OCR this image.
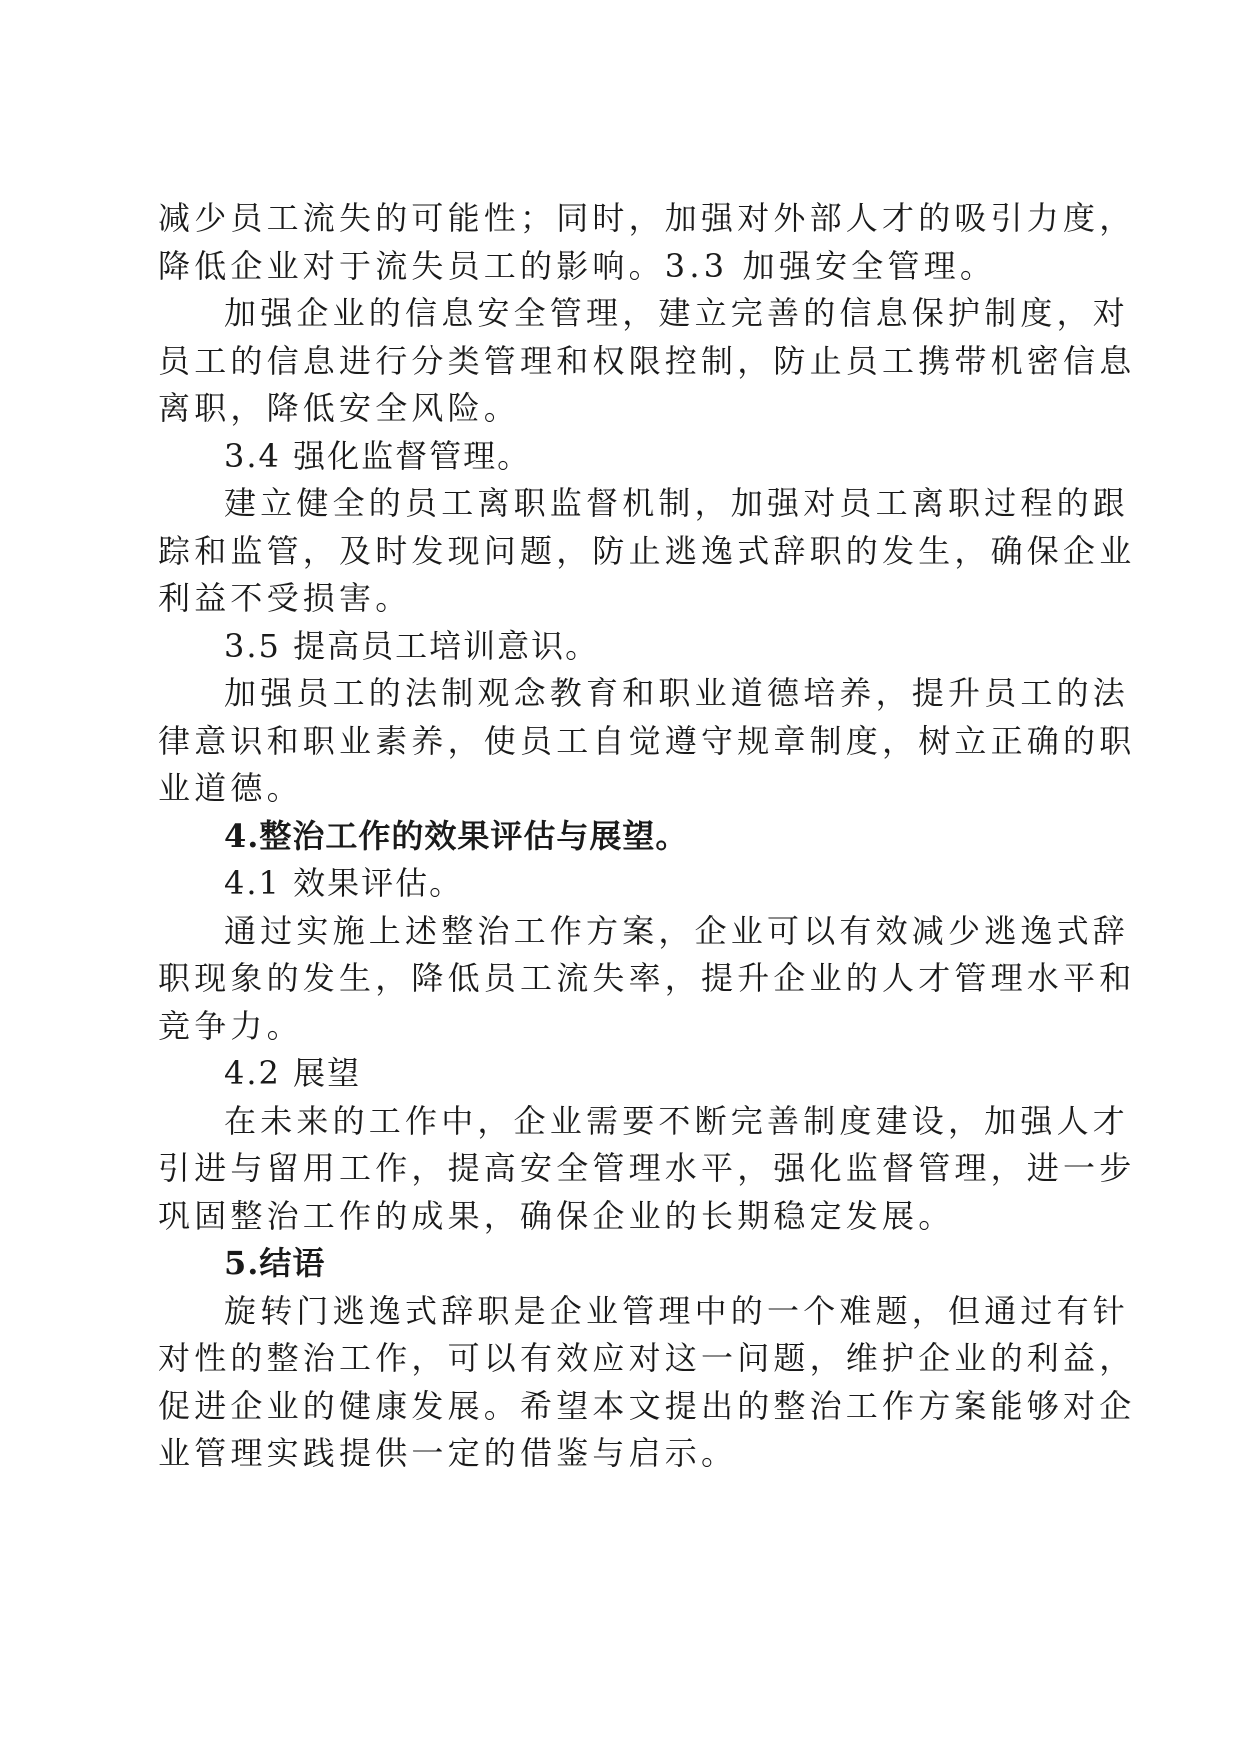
减少员工流失的可能性；同时，加强对外部人才的吸引力度，
降低企业对于流失员工的影响。3.3 加强安全管理。
加强企业的信息安全管理，建立完善的信息保护制度，对
员工的信息进行分类管理和权限控制，防止员工携带机密信息
离职，降低安全风险。
3.4 强化监督管理。
建立健全的员工离职监督机制，加强对员工离职过程的跟
踪和监管，及时发现问题，防止逃逸式辞职的发生，确保企业
利益不受损害。
3.5 提高员工培训意识。
加强员工的法制观念教育和职业道德培养，提升员工的法
律意识和职业素养，使员工自觉遵守规章制度，树立正确的职
业道德。
4.整治工作的效果评估与展望。
4.1 效果评估。
通过实施上述整治工作方案，企业可以有效减少逃逸式辞
职现象的发生，降低员工流失率，提升企业的人才管理水平和
竞争力。
4.2 展望
在未来的工作中，企业需要不断完善制度建设，加强人才
引进与留用工作，提高安全管理水平，强化监督管理，进一步
巩固整治工作的成果，确保企业的长期稳定发展。
5.结语
旋转门逃逸式辞职是企业管理中的一个难题，但通过有针
对性的整治工作，可以有效应对这一问题，维护企业的利益，
促进企业的健康发展。希望本文提出的整治工作方案能够对企
业管理实践提供一定的借鉴与启示。
